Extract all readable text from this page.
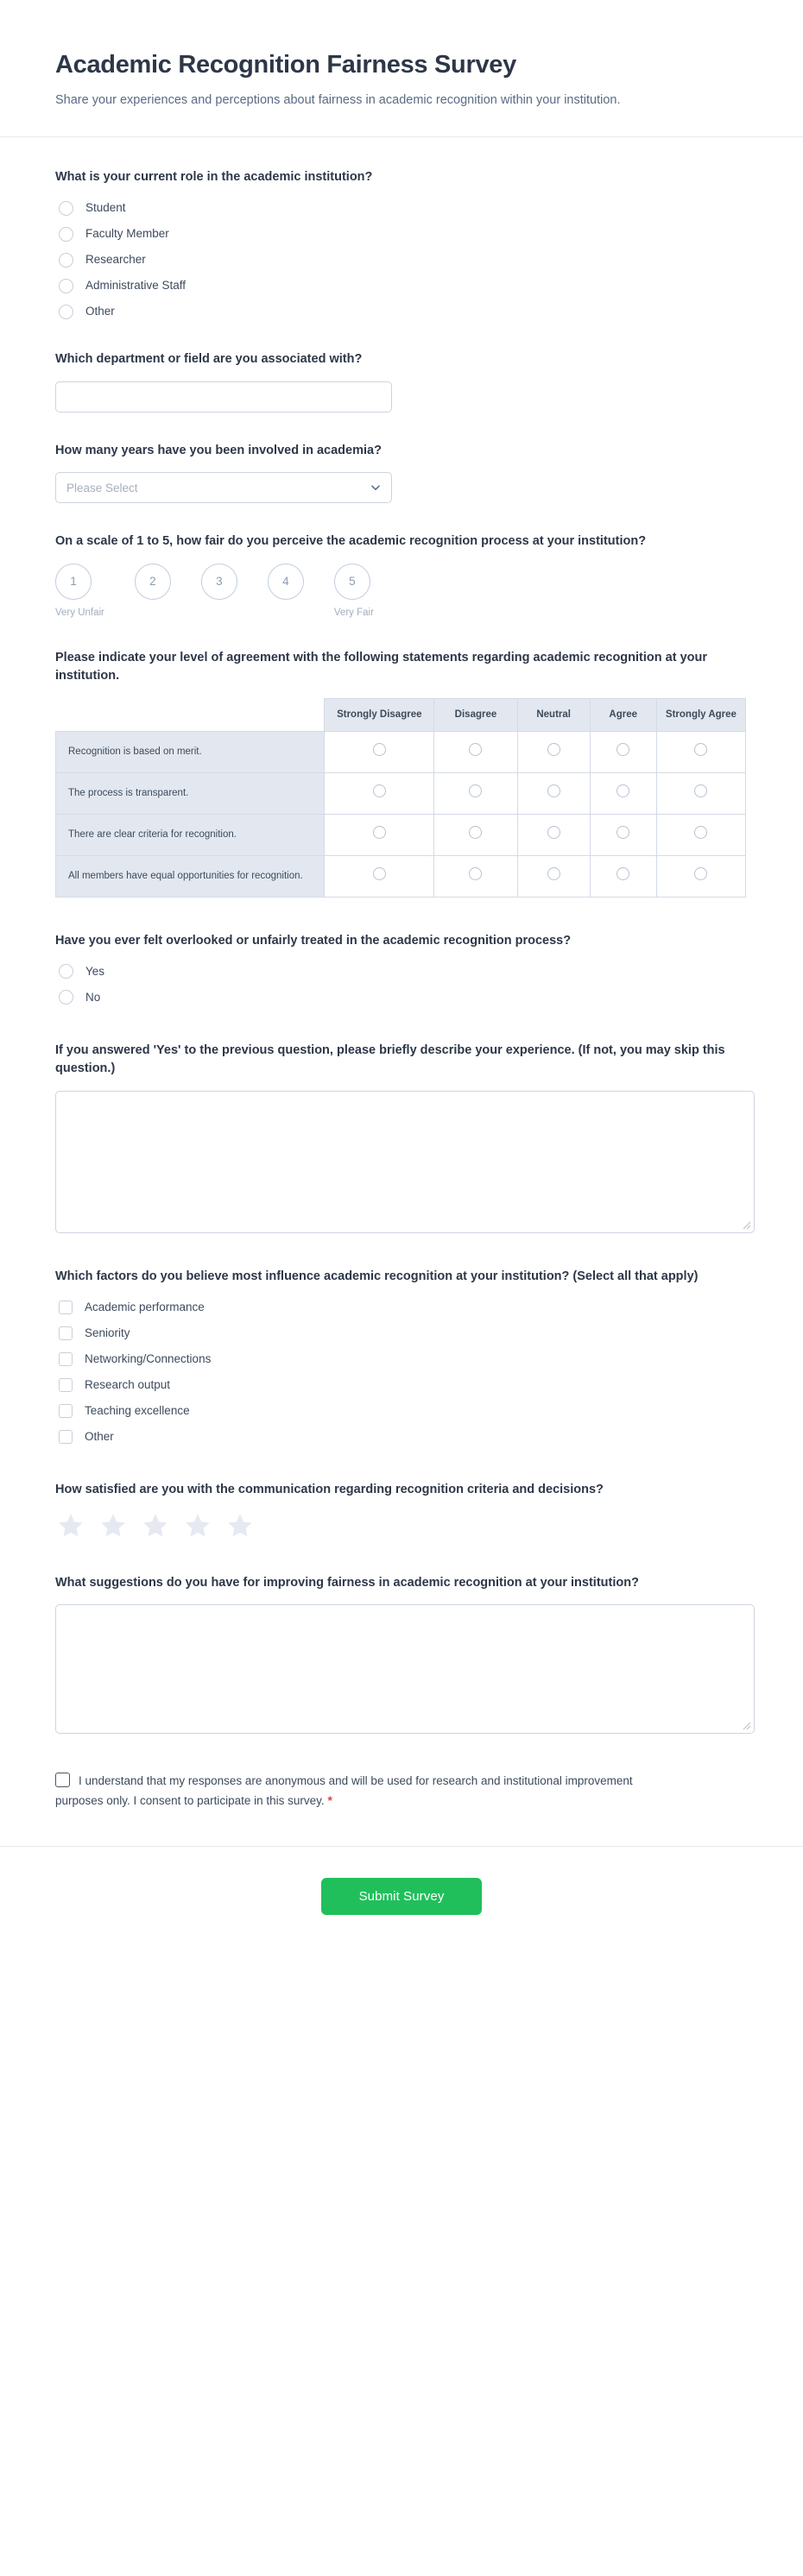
Academic Recognition Fairness Survey

Share your experiences and perceptions about fairness in academic recognition within your institution.

What is your current role in the academic institution?
Student
Faculty Member
Researcher
Administrative Staff
Other
Which department or field are you associated with?
How many years have you been involved in academia?
Please Select
On a scale of 1 to 5, how fair do you perceive the academic recognition process at your institution?
1
Very Unfair
2	3	4	5
Very Fair
Please indicate your level of agreement with the following statements regarding academic recognition at your institution.
	Strongly Disagree	Disagree	Neutral	Agree	Strongly Agree
Recognition is based on merit.					
The process is transparent.					
There are clear criteria for recognition.					
All members have equal opportunities for recognition.					
Have you ever felt overlooked or unfairly treated in the academic recognition process?
Yes
No
If you answered 'Yes' to the previous question, please briefly describe your experience. (If not, you may skip this question.)
Which factors do you believe most influence academic recognition at your institution? (Select all that apply)
Academic performance
Seniority
Networking/Connections
Research output
Teaching excellence
Other
How satisfied are you with the communication regarding recognition criteria and decisions?
What suggestions do you have for improving fairness in academic recognition at your institution?
I understand that my responses are anonymous and will be used for research and institutional improvement purposes only. I consent to participate in this survey. *
Submit Survey
